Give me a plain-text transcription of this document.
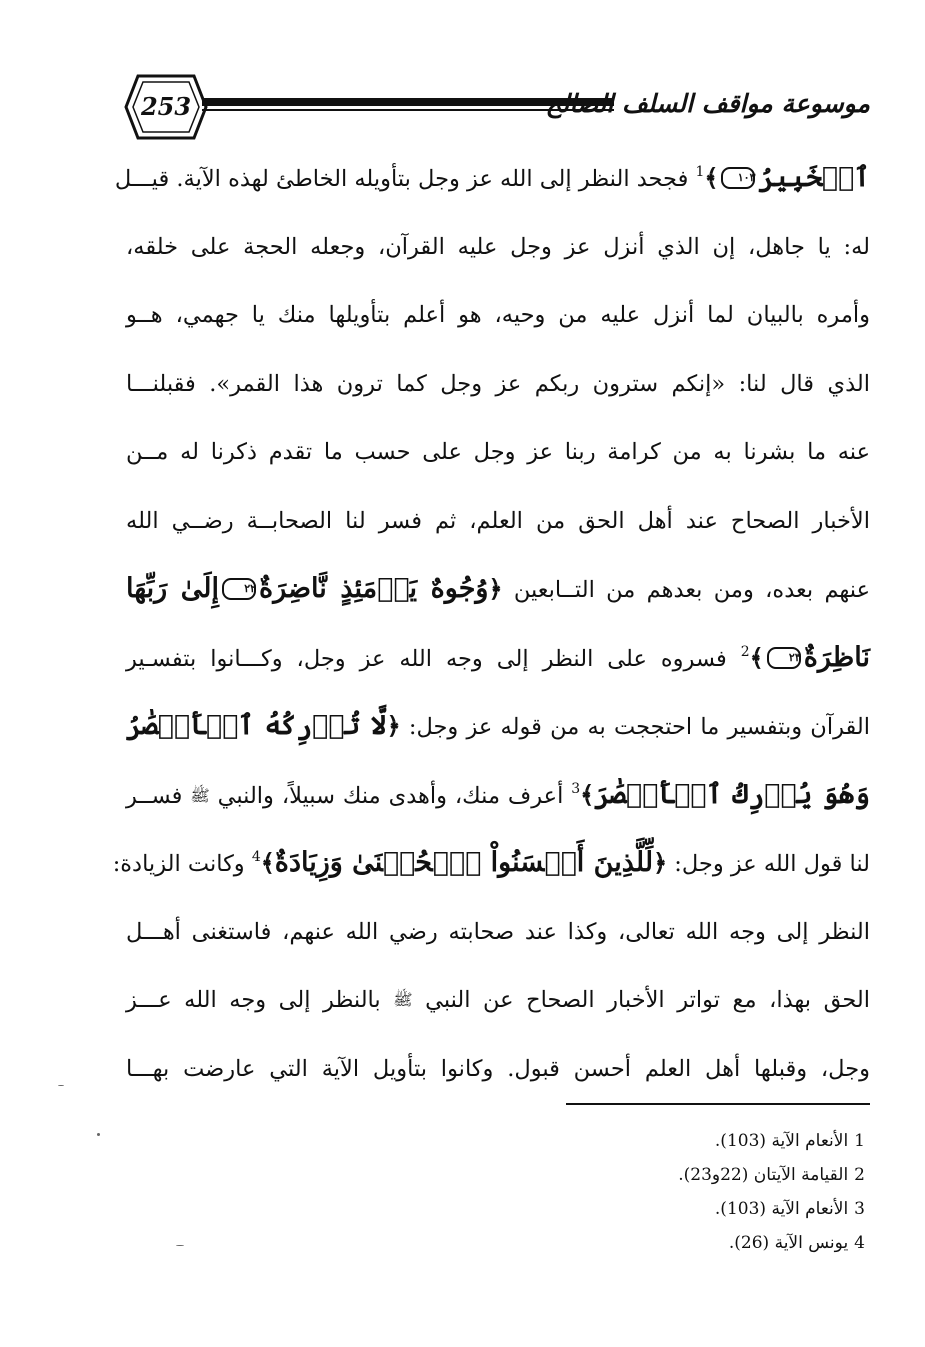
253	موسوعة مواقف السلف الصالح
ٱلۡخَبِيرُ
١٠٣
﴾$^1$ فجحد النظر إلى الله عز وجل بتأويله الخاطئ لهذه الآية. قيـــل
له: يا جاهل، إن الذي أنزل عز وجل عليه القرآن، وجعله الحجة على خلقه،
وأمره بالبيان لما أنزل عليه من وحيه، هو أعلم بتأويلها منك يا جهمي، هــو
الذي قال لنا: «إنكم سترون ربكم عز وجل كما ترون هذا القمر». فقبلنـــا
عنه ما بشرنا به من كرامة ربنا عز وجل على حسب ما تقدم ذكرنا له مــن
الأخبار الصحاح عند أهل الحق من العلم، ثم فسر لنا الصحابــة رضــي الله
عنهم بعده، ومن بعدهم من التــابعين ﴿وُجُوهٌ يَوۡمَئِذٍ نَّاضِرَةٌ
٢٢
إِلَىٰ رَبِّهَا
نَاظِرَةٌ
٢٣
﴾$^2$ فسروه على النظر إلى وجه الله عز وجل، وكـــانوا بتفسـير
القرآن وبتفسير ما احتججت به من قوله عز وجل: ﴿لَّا تُدۡرِكُهُ ٱلۡأَبۡصَٰرُ
وَهُوَ يُدۡرِكُ ٱلۡأَبۡصَٰرَ﴾$^3$ أعرف منك، وأهدى منك سبيلاً، والنبي ﷺ فســر
لنا قول الله عز وجل: ﴿لِّلَّذِينَ أَحۡسَنُواْ ٱلۡحُسۡنَىٰ وَزِيَادَةٌ﴾$^4$ وكانت الزيادة:
النظر إلى وجه الله تعالى، وكذا عند صحابته رضي الله عنهم، فاستغنى أهـــل
الحق بهذا، مع تواتر الأخبار الصحاح عن النبي ﷺ بالنظر إلى وجه الله عـــز
وجل، وقبلها أهل العلم أحسن قبول. وكانوا بتأويل الآية التي عارضت بهـــا
1الأنعام الآية (103).
2القيامة الآيتان (22و23).
3الأنعام الآية (103).
4يونس الآية (26).
